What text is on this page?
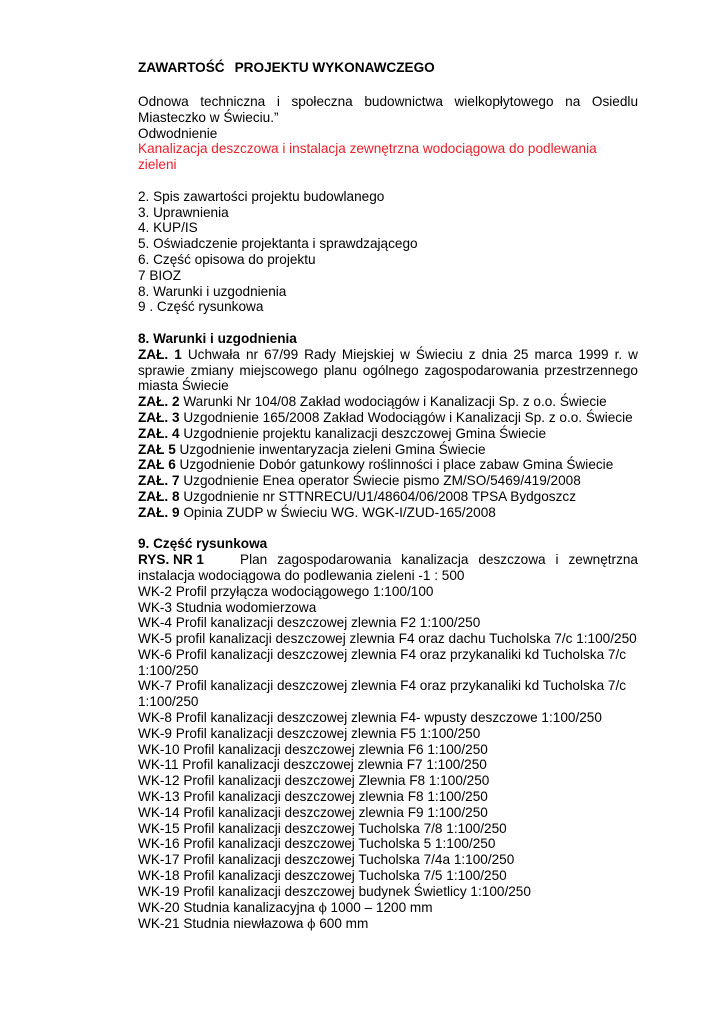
ZAWARTOŚĆ PROJEKTU WYKONAWCZEGO

Odnowa techniczna i społeczna budownictwa wielkopłytowego na Osiedlu Miasteczko w Świeciu.”

Odwodnienie

Kanalizacja deszczowa i instalacja zewnętrzna wodociągowa do podlewania zieleni

2. Spis zawartości projektu budowlanego

3. Uprawnienia

4. KUP/IS

5. Oświadczenie projektanta i sprawdzającego

6. Część opisowa do projektu

7 BIOZ

8. Warunki i uzgodnienia

9 . Część rysunkowa

8. Warunki i uzgodnienia

ZAŁ. 1 Uchwała nr 67/99 Rady Miejskiej w Świeciu z dnia 25 marca 1999 r. w sprawie zmiany miejscowego planu ogólnego zagospodarowania przestrzennego miasta Świecie

ZAŁ. 2 Warunki Nr 104/08 Zakład wodociągów i Kanalizacji Sp. z o.o. Świecie

ZAŁ. 3 Uzgodnienie 165/2008 Zakład Wodociągów i Kanalizacji Sp. z o.o. Świecie

ZAŁ. 4 Uzgodnienie projektu kanalizacji deszczowej Gmina Świecie

ZAŁ 5 Uzgodnienie inwentaryzacja zieleni Gmina Świecie

ZAŁ 6 Uzgodnienie Dobór gatunkowy roślinności i place zabaw Gmina Świecie

ZAŁ. 7 Uzgodnienie Enea operator Świecie pismo ZM/SO/5469/419/2008

ZAŁ. 8 Uzgodnienie nr STTNRECU/U1/48604/06/2008 TPSA Bydgoszcz

ZAŁ. 9 Opinia ZUDP w Świeciu WG. WGK-I/ZUD-165/2008

9. Część rysunkowa

RYS. NR 1	Plan zagospodarowania kanalizacja deszczowa i zewnętrzna instalacja wodociągowa do podlewania zieleni -1 : 500

WK-2 Profil przyłącza wodociągowego 1:100/100

WK-3 Studnia wodomierzowa

WK-4 Profil kanalizacji deszczowej zlewnia F2 1:100/250

WK-5 profil kanalizacji deszczowej zlewnia F4 oraz dachu Tucholska 7/c 1:100/250

WK-6 Profil kanalizacji deszczowej zlewnia F4 oraz przykanaliki kd Tucholska 7/c 1:100/250

WK-7 Profil kanalizacji deszczowej zlewnia F4 oraz przykanaliki kd Tucholska 7/c 1:100/250

WK-8 Profil kanalizacji deszczowej zlewnia F4- wpusty deszczowe 1:100/250

WK-9 Profil kanalizacji deszczowej zlewnia F5 1:100/250

WK-10 Profil kanalizacji deszczowej zlewnia F6 1:100/250

WK-11 Profil kanalizacji deszczowej zlewnia F7 1:100/250

WK-12 Profil kanalizacji deszczowej Zlewnia F8 1:100/250

WK-13 Profil kanalizacji deszczowej zlewnia F8 1:100/250

WK-14 Profil kanalizacji deszczowej zlewnia F9 1:100/250

WK-15 Profil kanalizacji deszczowej Tucholska 7/8 1:100/250

WK-16 Profil kanalizacji deszczowej Tucholska 5 1:100/250

WK-17 Profil kanalizacji deszczowej Tucholska 7/4a 1:100/250

WK-18 Profil kanalizacji deszczowej Tucholska 7/5 1:100/250

WK-19 Profil kanalizacji deszczowej budynek Świetlicy 1:100/250

WK-20 Studnia kanalizacyjna ϕ 1000 – 1200 mm

WK-21 Studnia niewłazowa ϕ 600 mm
